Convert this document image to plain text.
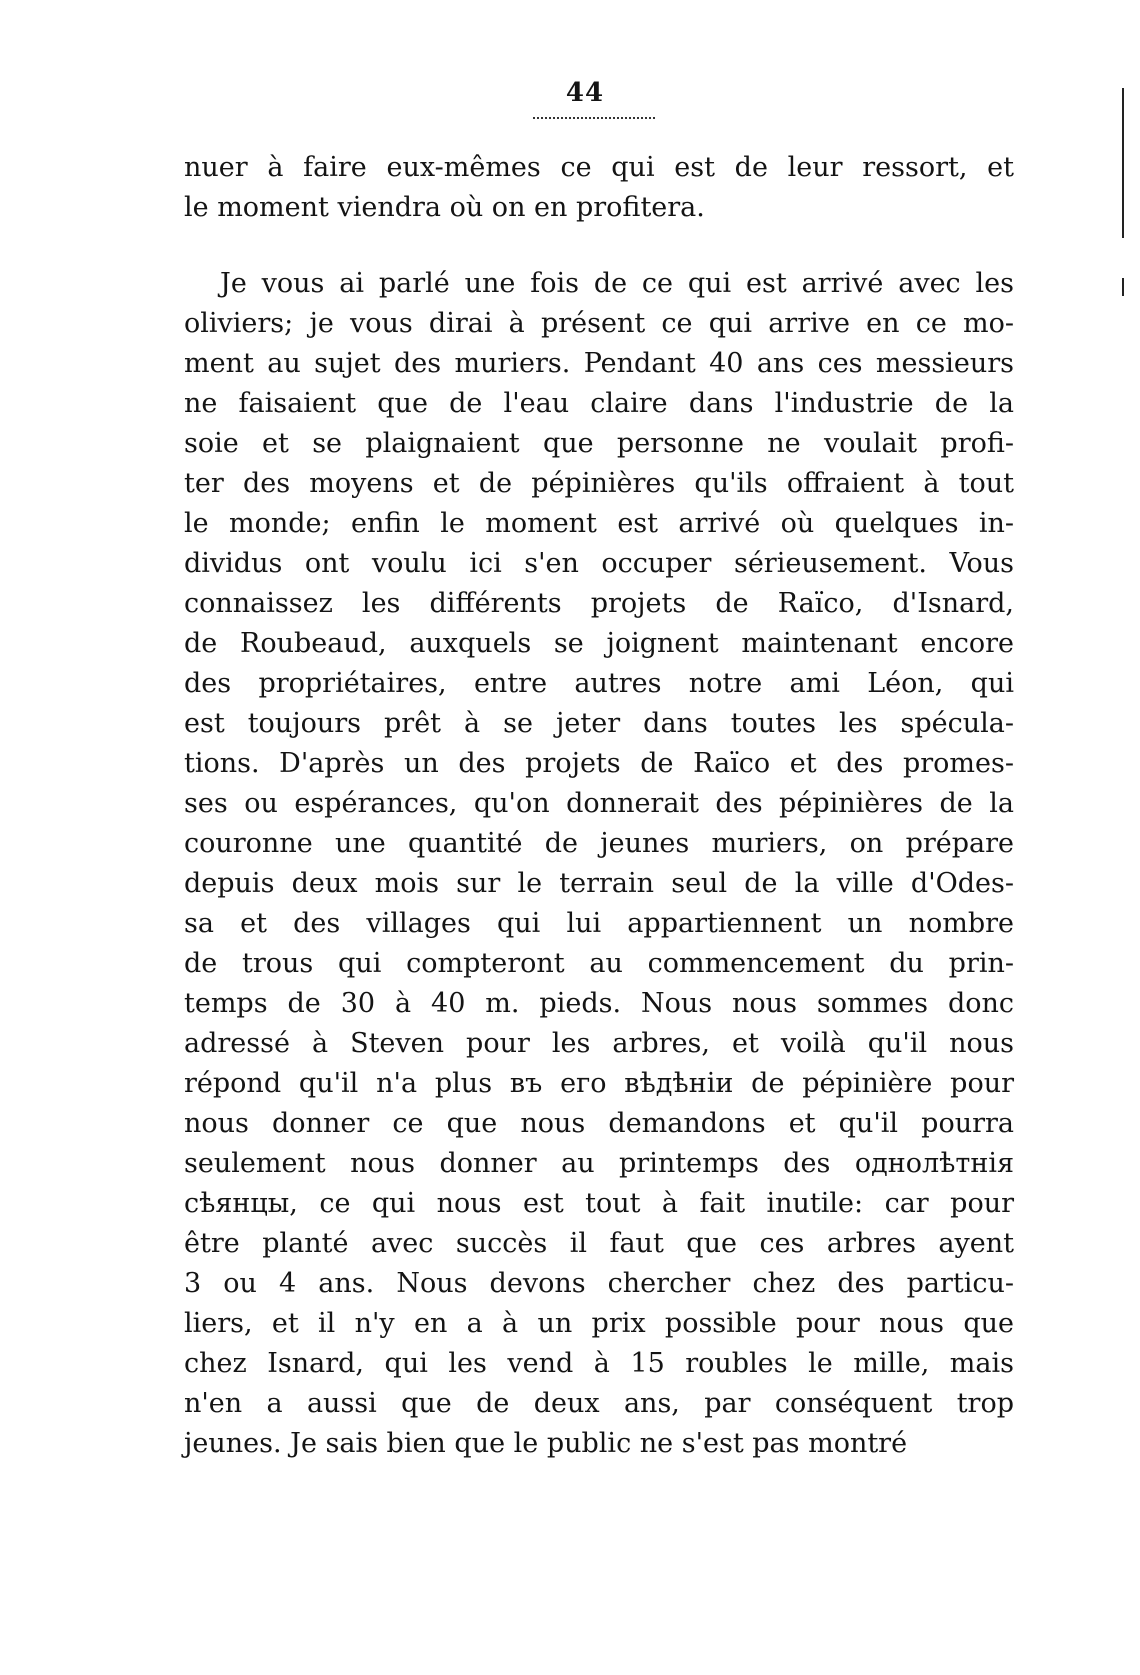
44
nuer à faire eux-mêmes ce qui est de leur ressort, et
le moment viendra où on en profitera.
Je vous ai parlé une fois de ce qui est arrivé avec les
oliviers; je vous dirai à présent ce qui arrive en ce mo-
ment au sujet des muriers. Pendant 40 ans ces messieurs
ne faisaient que de l'eau claire dans l'industrie de la
soie et se plaignaient que personne ne voulait profi-
ter des moyens et de pépinières qu'ils offraient à tout
le monde; enfin le moment est arrivé où quelques in-
dividus ont voulu ici s'en occuper sérieusement. Vous
connaissez les différents projets de Raïco, d'Isnard,
de Roubeaud, auxquels se joignent maintenant encore
des propriétaires, entre autres notre ami Léon, qui
est toujours prêt à se jeter dans toutes les spécula-
tions. D'après un des projets de Raïco et des promes-
ses ou espérances, qu'on donnerait des pépinières de la
couronne une quantité de jeunes muriers, on prépare
depuis deux mois sur le terrain seul de la ville d'Odes-
sa et des villages qui lui appartiennent un nombre
de trous qui compteront au commencement du prin-
temps de 30 à 40 m. pieds. Nous nous sommes donc
adressé à Steven pour les arbres, et voilà qu'il nous
répond qu'il n'a plus въ его вѣдѣніи de pépinière pour
nous donner ce que nous demandons et qu'il pourra
seulement nous donner au printemps des однолѣтнія
сѣянцы, ce qui nous est tout à fait inutile: car pour
être planté avec succès il faut que ces arbres ayent
3 ou 4 ans. Nous devons chercher chez des particu-
liers, et il n'y en a à un prix possible pour nous que
chez Isnard, qui les vend à 15 roubles le mille, mais
n'en a aussi que de deux ans, par conséquent trop
jeunes. Je sais bien que le public ne s'est pas montré
